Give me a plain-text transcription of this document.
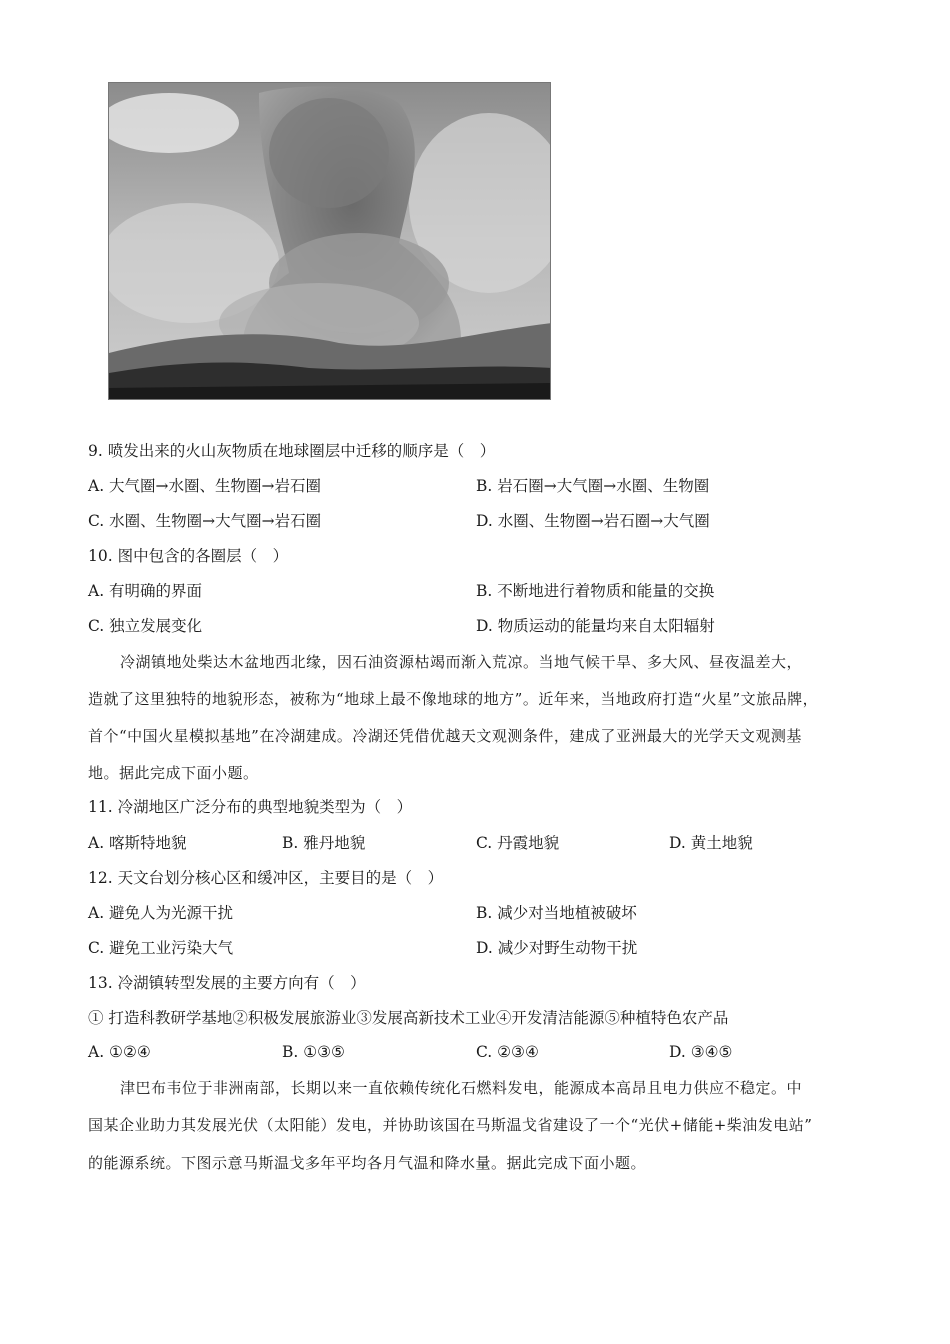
9. 喷发出来的火山灰物质在地球圈层中迁移的顺序是（　）
A. 大气圈→水圈、生物圈→岩石圈	B. 岩石圈→大气圈→水圈、生物圈
C. 水圈、生物圈→大气圈→岩石圈	D. 水圈、生物圈→岩石圈→大气圈
10. 图中包含的各圈层（　）
A. 有明确的界面	B. 不断地进行着物质和能量的交换
C. 独立发展变化	D. 物质运动的能量均来自太阳辐射
冷湖镇地处柴达木盆地西北缘，因石油资源枯竭而渐入荒凉。当地气候干旱、多大风、昼夜温差大，
造就了这里独特的地貌形态，被称为“地球上最不像地球的地方”。近年来，当地政府打造“火星”文旅品牌，
首个“中国火星模拟基地”在冷湖建成。冷湖还凭借优越天文观测条件，建成了亚洲最大的光学天文观测基
地。据此完成下面小题。
11. 冷湖地区广泛分布的典型地貌类型为（　）
A. 喀斯特地貌	B. 雅丹地貌	C. 丹霞地貌	D. 黄土地貌
12. 天文台划分核心区和缓冲区，主要目的是（　）
A. 避免人为光源干扰	B. 减少对当地植被破坏
C. 避免工业污染大气	D. 减少对野生动物干扰
13. 冷湖镇转型发展的主要方向有（　）
① 打造科教研学基地②积极发展旅游业③发展高新技术工业④开发清洁能源⑤种植特色农产品
A. ①②④	B. ①③⑤	C. ②③④	D. ③④⑤
津巴布韦位于非洲南部，长期以来一直依赖传统化石燃料发电，能源成本高昂且电力供应不稳定。中
国某企业助力其发展光伏（太阳能）发电，并协助该国在马斯温戈省建设了一个“光伏+储能+柴油发电站”
的能源系统。下图示意马斯温戈多年平均各月气温和降水量。据此完成下面小题。
